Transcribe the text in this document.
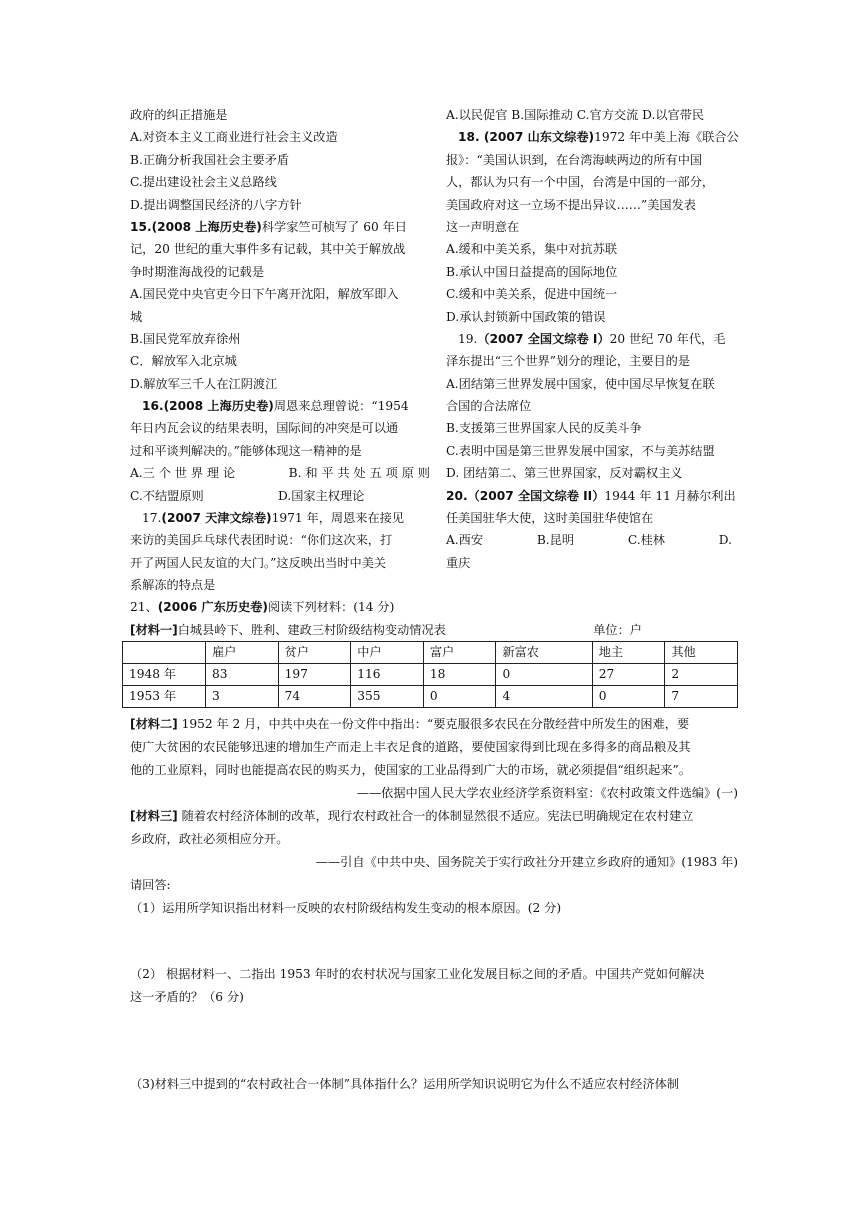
政府的纠正措施是
A.对资本主义工商业进行社会主义改造
B.正确分析我国社会主要矛盾
C.提出建设社会主义总路线
D.提出调整国民经济的八字方针
15.(2008 上海历史卷)科学家竺可桢写了 60 年日
记，20 世纪的重大事件多有记载，其中关于解放战
争时期淮海战役的记载是
A.国民党中央官吏今日下午离开沈阳，解放军即入
城
B.国民党军放弃徐州
C．解放军入北京城
D.解放军三千人在江阴渡江
16.(2008 上海历史卷)周恩来总理曾说：“1954
年日内瓦会议的结果表明，国际间的冲突是可以通
过和平谈判解决的。”能够体现这一精神的是
A.三 个 世 界 理 论	B. 和 平 共 处 五 项 原 则
C.不结盟原则	D.国家主权理论
17.(2007 天津文综卷)1971 年，周恩来在接见
来访的美国乒乓球代表团时说：“你们这次来，打
开了两国人民友谊的大门。”这反映出当时中美关
系解冻的特点是
A.以民促官 B.国际推动 C.官方交流 D.以官带民
18. (2007 山东文综卷)1972 年中美上海《联合公
报》：“美国认识到，在台湾海峡两边的所有中国
人，都认为只有一个中国，台湾是中国的一部分，
美国政府对这一立场不提出异议……”美国发表
这一声明意在
A.缓和中美关系，集中对抗苏联
B.承认中国日益提高的国际地位
C.缓和中美关系，促进中国统一
D.承认封锁新中国政策的错误
19.（2007 全国文综卷 I）20 世纪 70 年代，毛
泽东提出“三个世界”划分的理论，主要目的是
A.团结第三世界发展中国家，使中国尽早恢复在联
合国的合法席位
B.支援第三世界国家人民的反美斗争
C.表明中国是第三世界发展中国家，不与美苏结盟
D. 团结第二、第三世界国家，反对霸权主义
20.（2007 全国文综卷 II）1944 年 11 月赫尔利出
任美国驻华大使，这时美国驻华使馆在
A.西安	B.昆明	C.桂林	D.
重庆
21、(2006 广东历史卷)阅读下列材料：(14 分)
[材料一]白城县岭下、胜利、建政三村阶级结构变动情况表	单位：户
	雇户	贫户	中户	富户	新富农	地主	其他
1948 年	83	197	116	18	0	27	2
1953 年	3	74	355	0	4	0	7
[材料二] 1952 年 2 月，中共中央在一份文件中指出：“要克服很多农民在分散经营中所发生的困难，要
使广大贫困的农民能够迅速的增加生产而走上丰衣足食的道路，要使国家得到比现在多得多的商品粮及其
他的工业原料，同时也能提高农民的购买力，使国家的工业品得到广大的市场，就必须提倡“组织起来”。
——依据中国人民大学农业经济学系资料室：《农村政策文件选编》(一)
[材料三] 随着农村经济体制的改革，现行农村政社合一的体制显然很不适应。宪法已明确规定在农村建立
乡政府，政社必须相应分开。
——引自《中共中央、国务院关于实行政社分开建立乡政府的通知》(1983 年)
请回答:
（1）运用所学知识指出材料一反映的农村阶级结构发生变动的根本原因。(2 分)
（2） 根据材料一、二指出 1953 年时的农村状况与国家工业化发展目标之间的矛盾。中国共产党如何解决
这一矛盾的？（6 分)
（3)材料三中提到的“农村政社合一体制”具体指什么？运用所学知识说明它为什么不适应农村经济体制
